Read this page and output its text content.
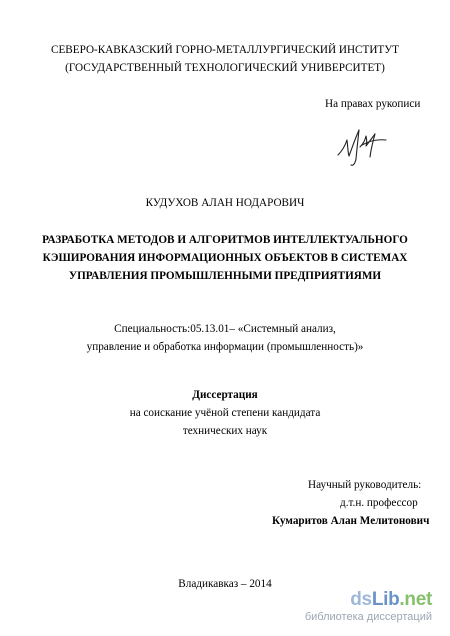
СЕВЕРО-КАВКАЗСКИЙ ГОРНО-МЕТАЛЛУРГИЧЕСКИЙ ИНСТИТУТ
(ГОСУДАРСТВЕННЫЙ ТЕХНОЛОГИЧЕСКИЙ УНИВЕРСИТЕТ)
На правах рукописи
КУДУХОВ АЛАН НОДАРОВИЧ
РАЗРАБОТКА МЕТОДОВ И АЛГОРИТМОВ ИНТЕЛЛЕКТУАЛЬНОГО
КЭШИРОВАНИЯ ИНФОРМАЦИОННЫХ ОБЪЕКТОВ В СИСТЕМАХ
УПРАВЛЕНИЯ ПРОМЫШЛЕННЫМИ ПРЕДПРИЯТИЯМИ
Специальность:05.13.01– «Системный анализ,
управление и обработка информации (промышленность)»
Диссертация
на соискание учёной степени кандидата
технических наук
Научный руководитель:
д.т.н. профессор
Кумаритов Алан Мелитонович
Владикавказ – 2014
dsLib.net
библиотека диссертаций
